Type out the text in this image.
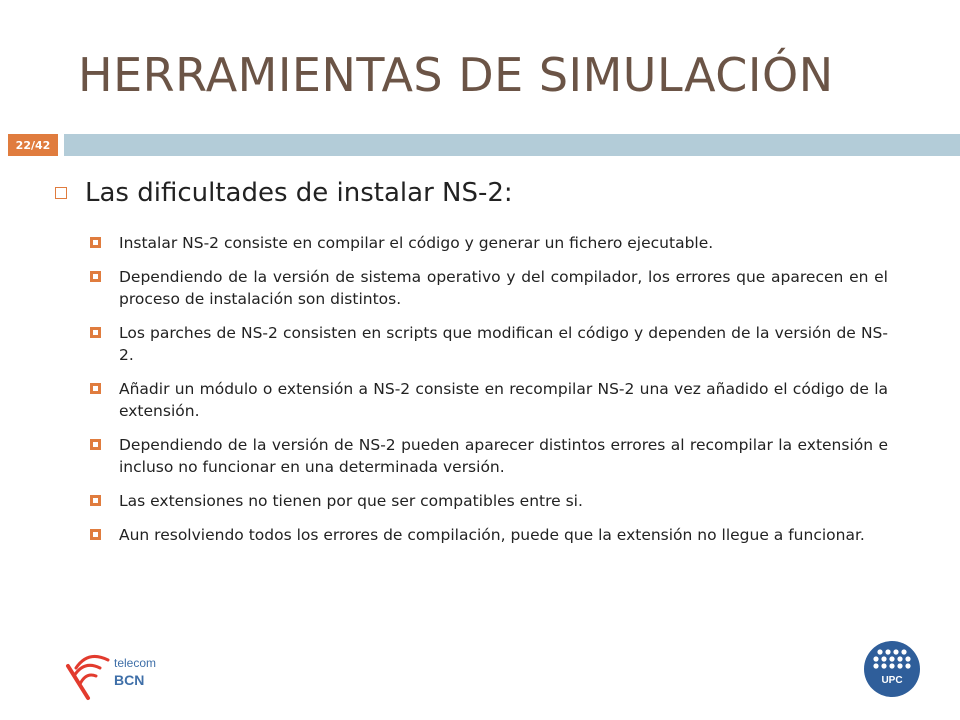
HERRAMIENTAS DE SIMULACIÓN
22/42
Las dificultades de instalar NS-2:
Instalar NS-2 consiste en compilar el código y generar un fichero ejecutable.
Dependiendo de la versión de sistema operativo y del compilador, los errores que aparecen en el proceso de instalación son distintos.
Los parches de NS-2 consisten en scripts que modifican el código y dependen de la versión de NS-2.
Añadir un módulo o extensión a NS-2 consiste en recompilar NS-2 una vez añadido el código de la extensión.
Dependiendo de la versión de NS-2 pueden aparecer distintos errores al recompilar la extensión e incluso no funcionar en una determinada versión.
Las extensiones no tienen por que ser compatibles entre si.
Aun resolviendo todos los errores de compilación, puede que la extensión no llegue a funcionar.
telecom
BCN	UPC
